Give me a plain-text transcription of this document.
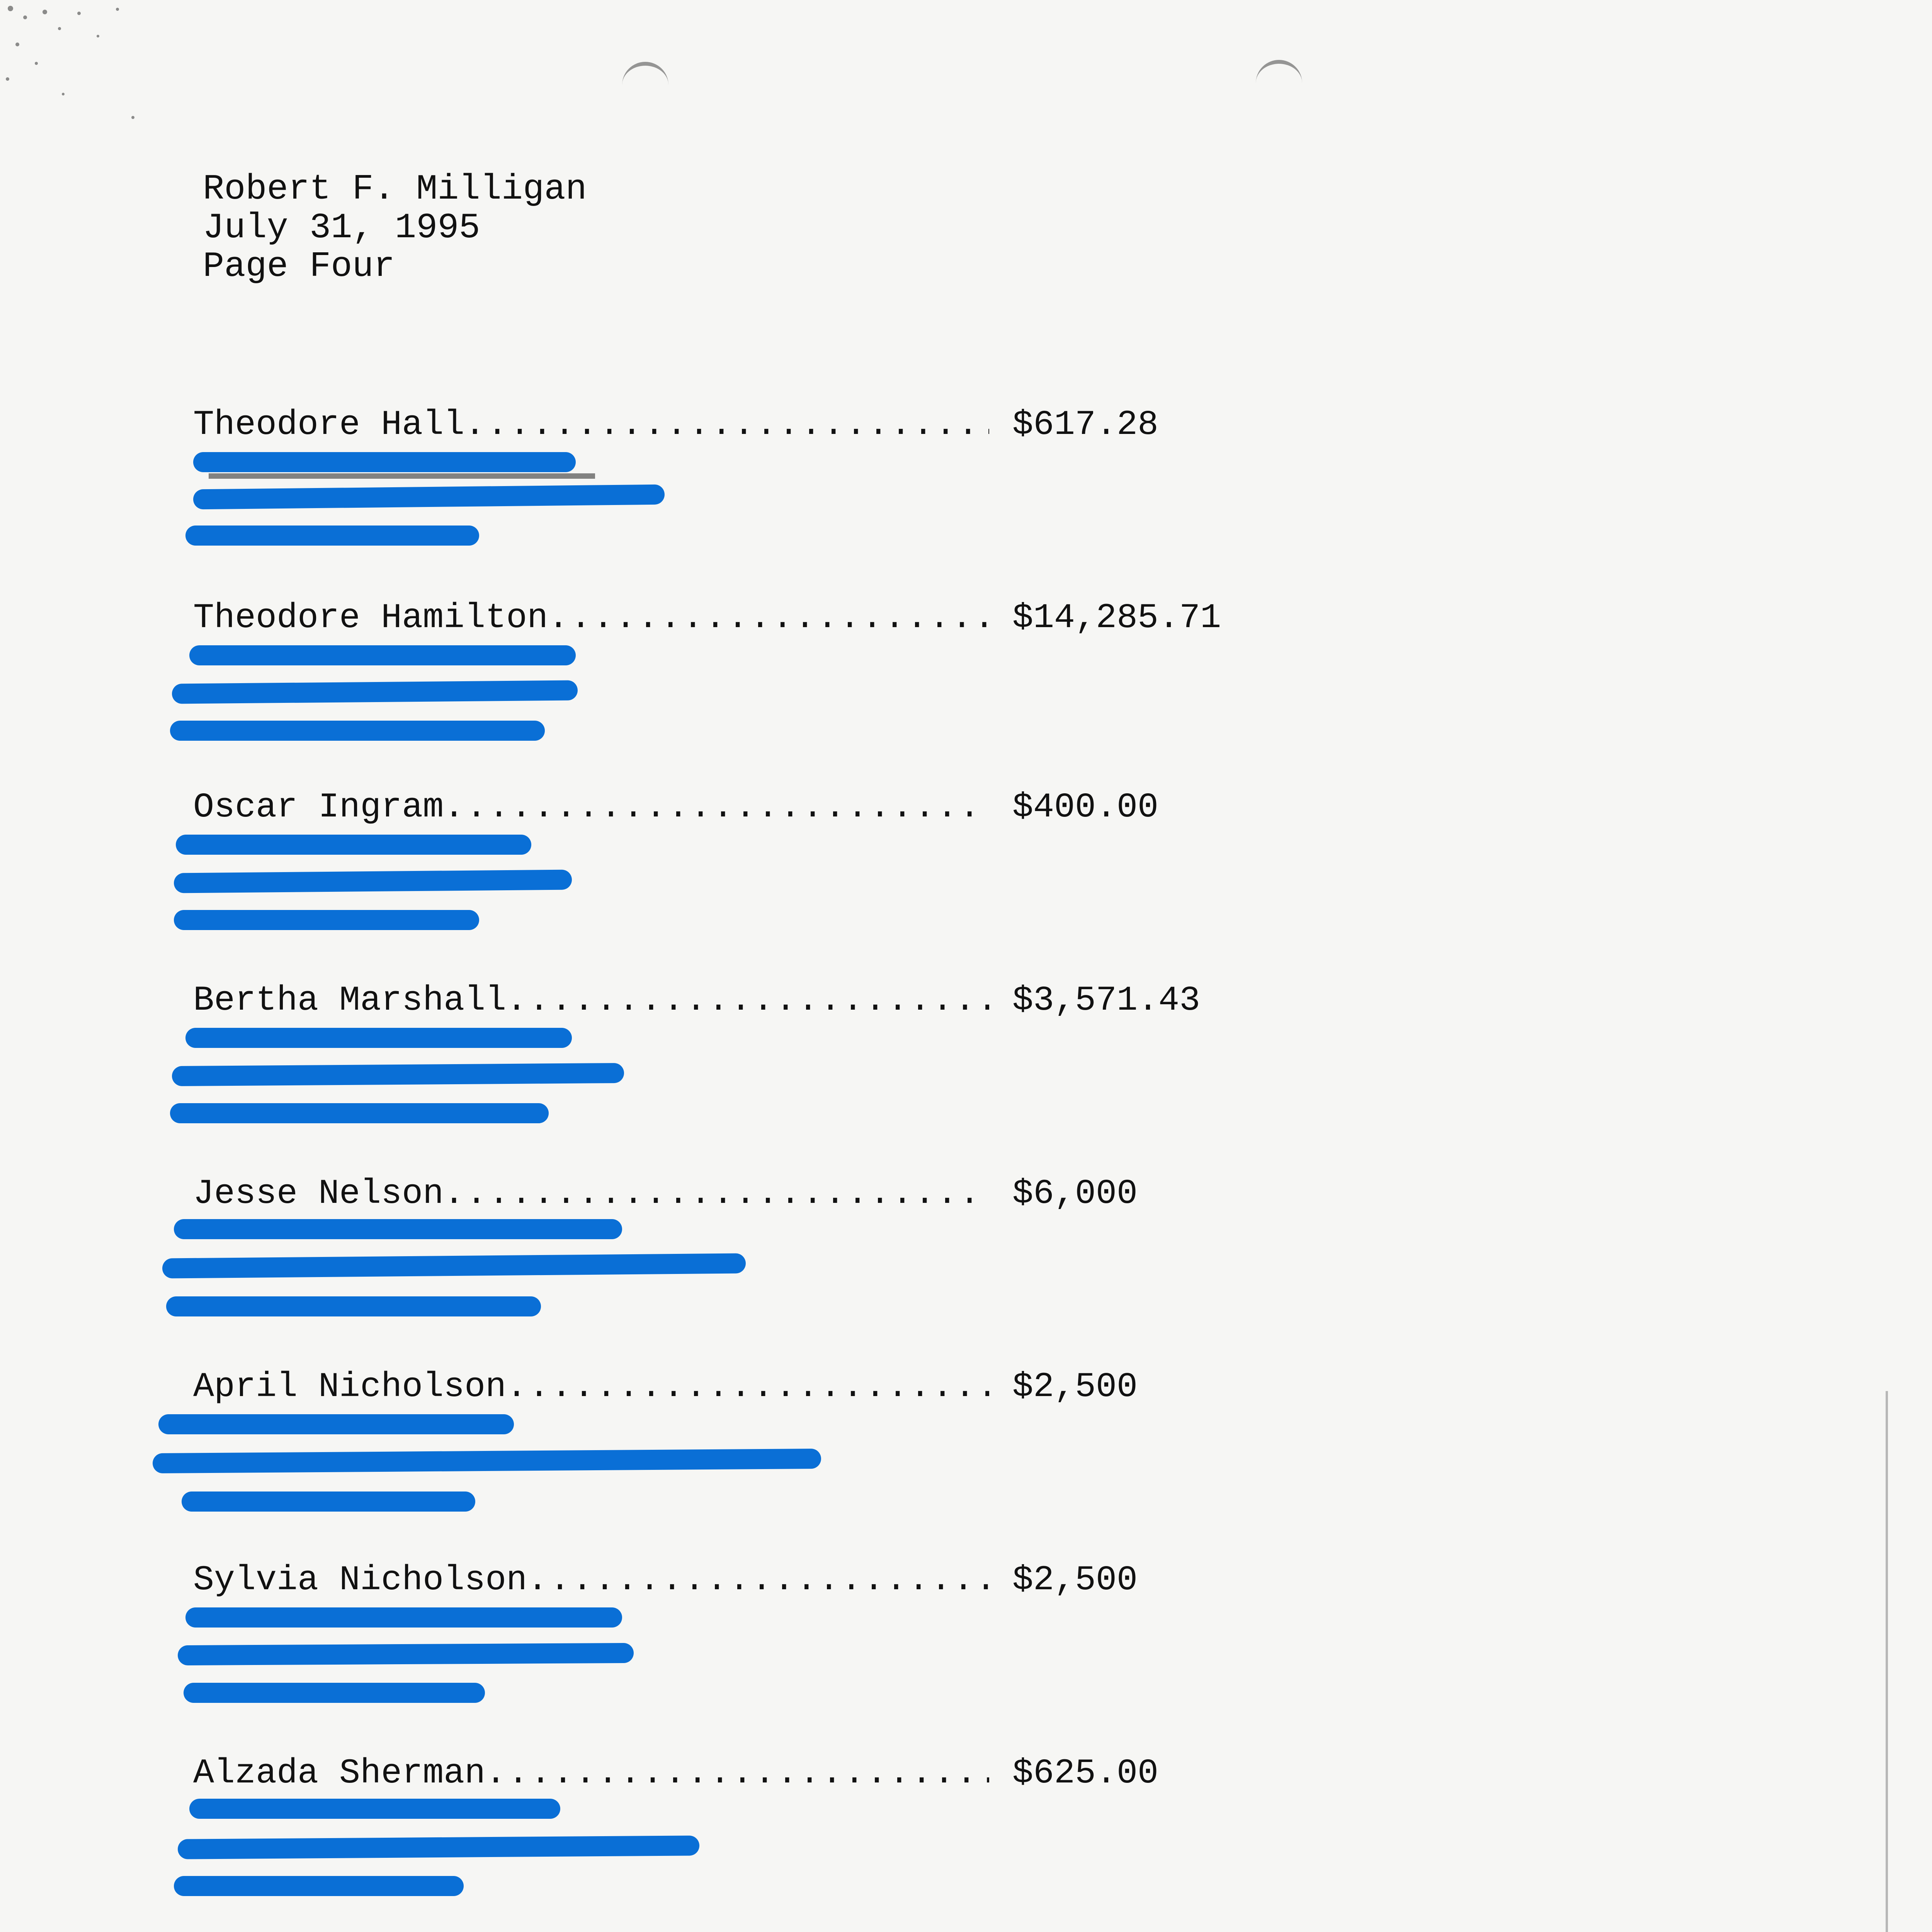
Robert F. Milligan
July 31, 1995
Page Four
Theodore Hall .....	$617.28
Theodore Hamilton .....	$14,285.71
Oscar Ingram .....	$400.00
Bertha Marshall .....	$3,571.43
Jesse Nelson .....	$6,000
April Nicholson .....	$2,500
Sylvia Nicholson .....	$2,500
Alzada Sherman .....	$625.00
